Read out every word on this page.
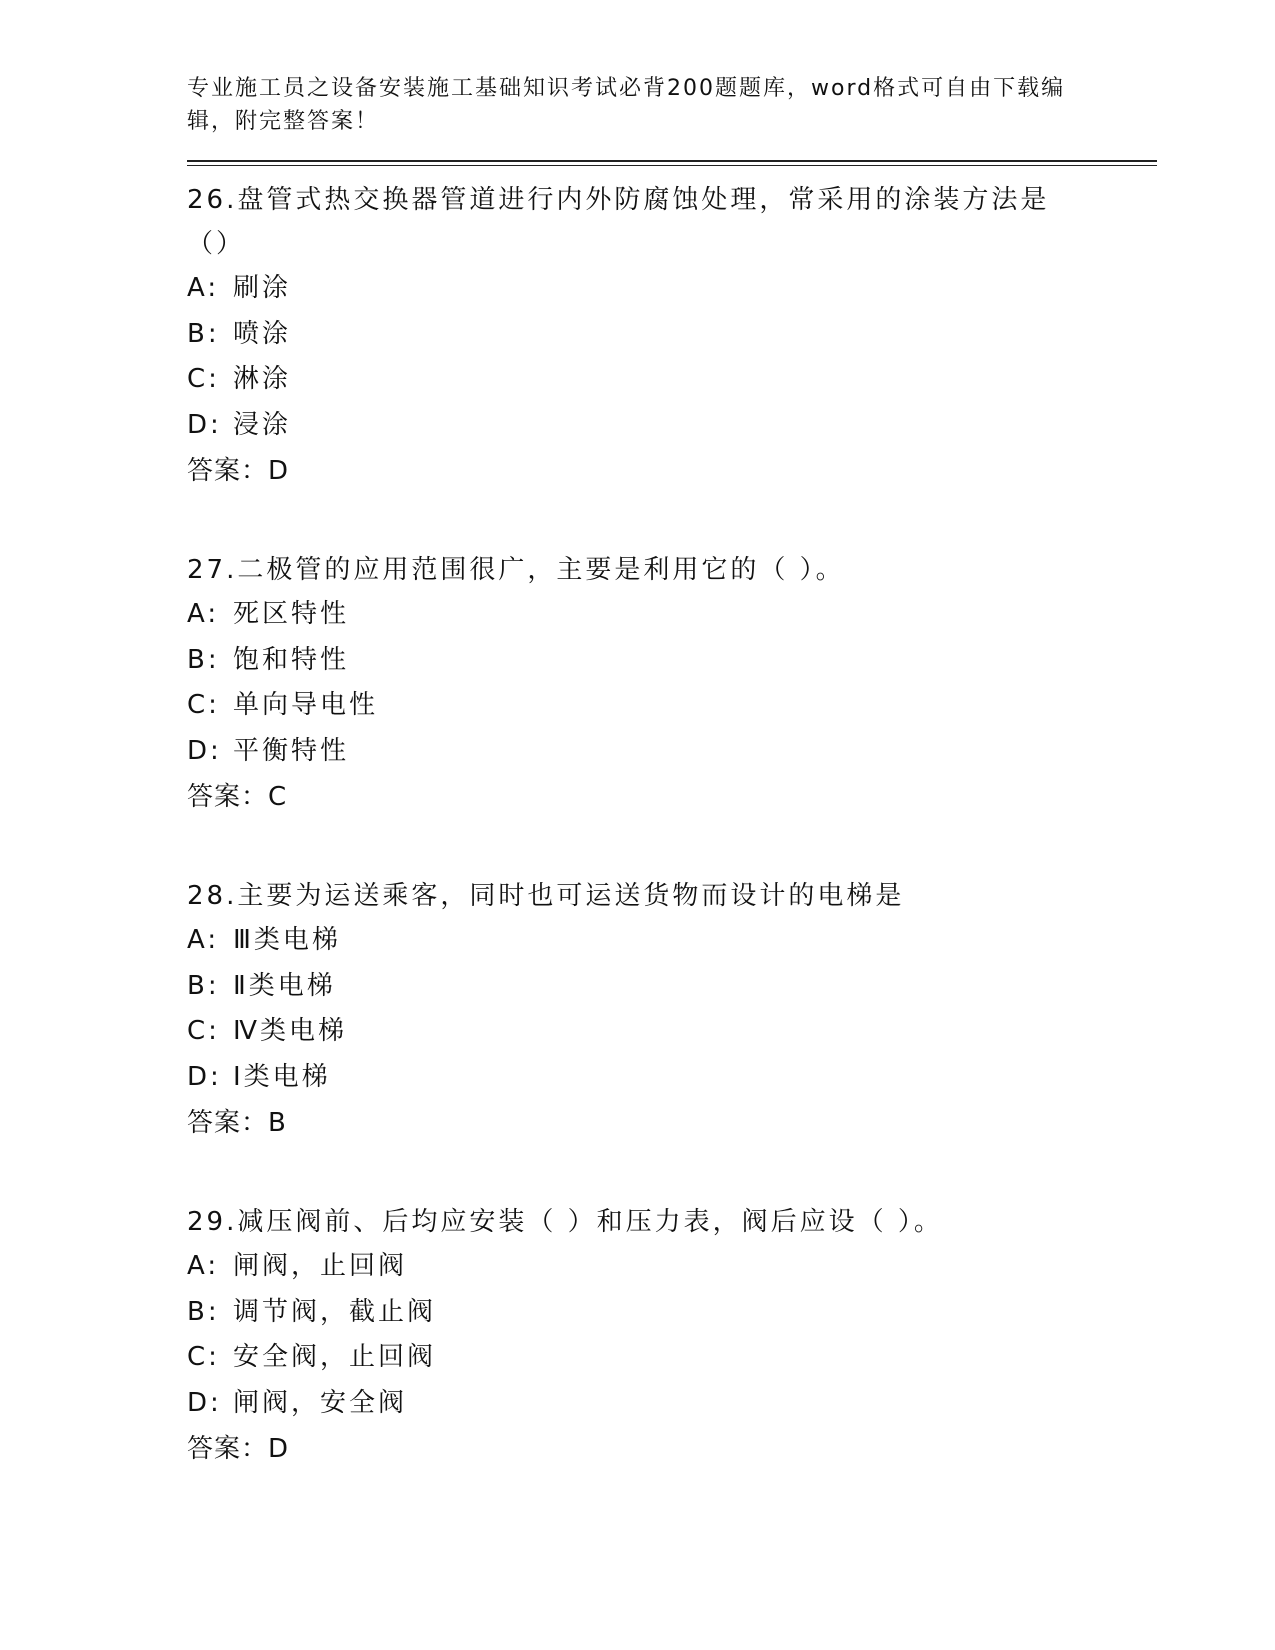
专业施工员之设备安装施工基础知识考试必背200题题库，word格式可自由下载编辑，附完整答案！
26.盘管式热交换器管道进行内外防腐蚀处理，常采用的涂装方法是（）
A: 刷涂
B: 喷涂
C: 淋涂
D: 浸涂
答案：D
27.二极管的应用范围很广，主要是利用它的（ ）。
A: 死区特性
B: 饱和特性
C: 单向导电性
D: 平衡特性
答案：C
28.主要为运送乘客，同时也可运送货物而设计的电梯是
A: Ⅲ类电梯
B: Ⅱ类电梯
C: Ⅳ类电梯
D: Ⅰ类电梯
答案：B
29.减压阀前、后均应安装（ ）和压力表，阀后应设（ ）。
A: 闸阀，止回阀
B: 调节阀，截止阀
C: 安全阀，止回阀
D: 闸阀，安全阀
答案：D
